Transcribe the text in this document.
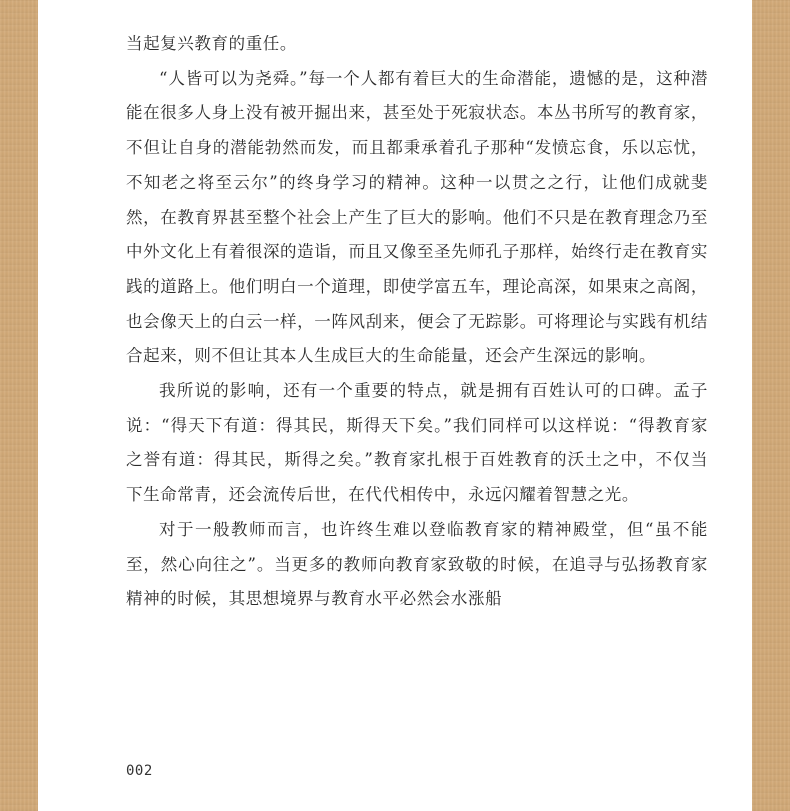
当起复兴教育的重任。

“人皆可以为尧舜。”每一个人都有着巨大的生命潜能，遗憾的是，这种潜能在很多人身上没有被开掘出来，甚至处于死寂状态。本丛书所写的教育家，不但让自身的潜能勃然而发，而且都秉承着孔子那种“发愤忘食，乐以忘忧，不知老之将至云尔”的终身学习的精神。这种一以贯之之行，让他们成就斐然，在教育界甚至整个社会上产生了巨大的影响。他们不只是在教育理念乃至中外文化上有着很深的造诣，而且又像至圣先师孔子那样，始终行走在教育实践的道路上。他们明白一个道理，即使学富五车，理论高深，如果束之高阁，也会像天上的白云一样，一阵风刮来，便会了无踪影。可将理论与实践有机结合起来，则不但让其本人生成巨大的生命能量，还会产生深远的影响。

我所说的影响，还有一个重要的特点，就是拥有百姓认可的口碑。孟子说：“得天下有道：得其民，斯得天下矣。”我们同样可以这样说：“得教育家之誉有道：得其民，斯得之矣。”教育家扎根于百姓教育的沃土之中，不仅当下生命常青，还会流传后世，在代代相传中，永远闪耀着智慧之光。

对于一般教师而言，也许终生难以登临教育家的精神殿堂，但“虽不能至，然心向往之”。当更多的教师向教育家致敬的时候，在追寻与弘扬教育家精神的时候，其思想境界与教育水平必然会水涨船

002
